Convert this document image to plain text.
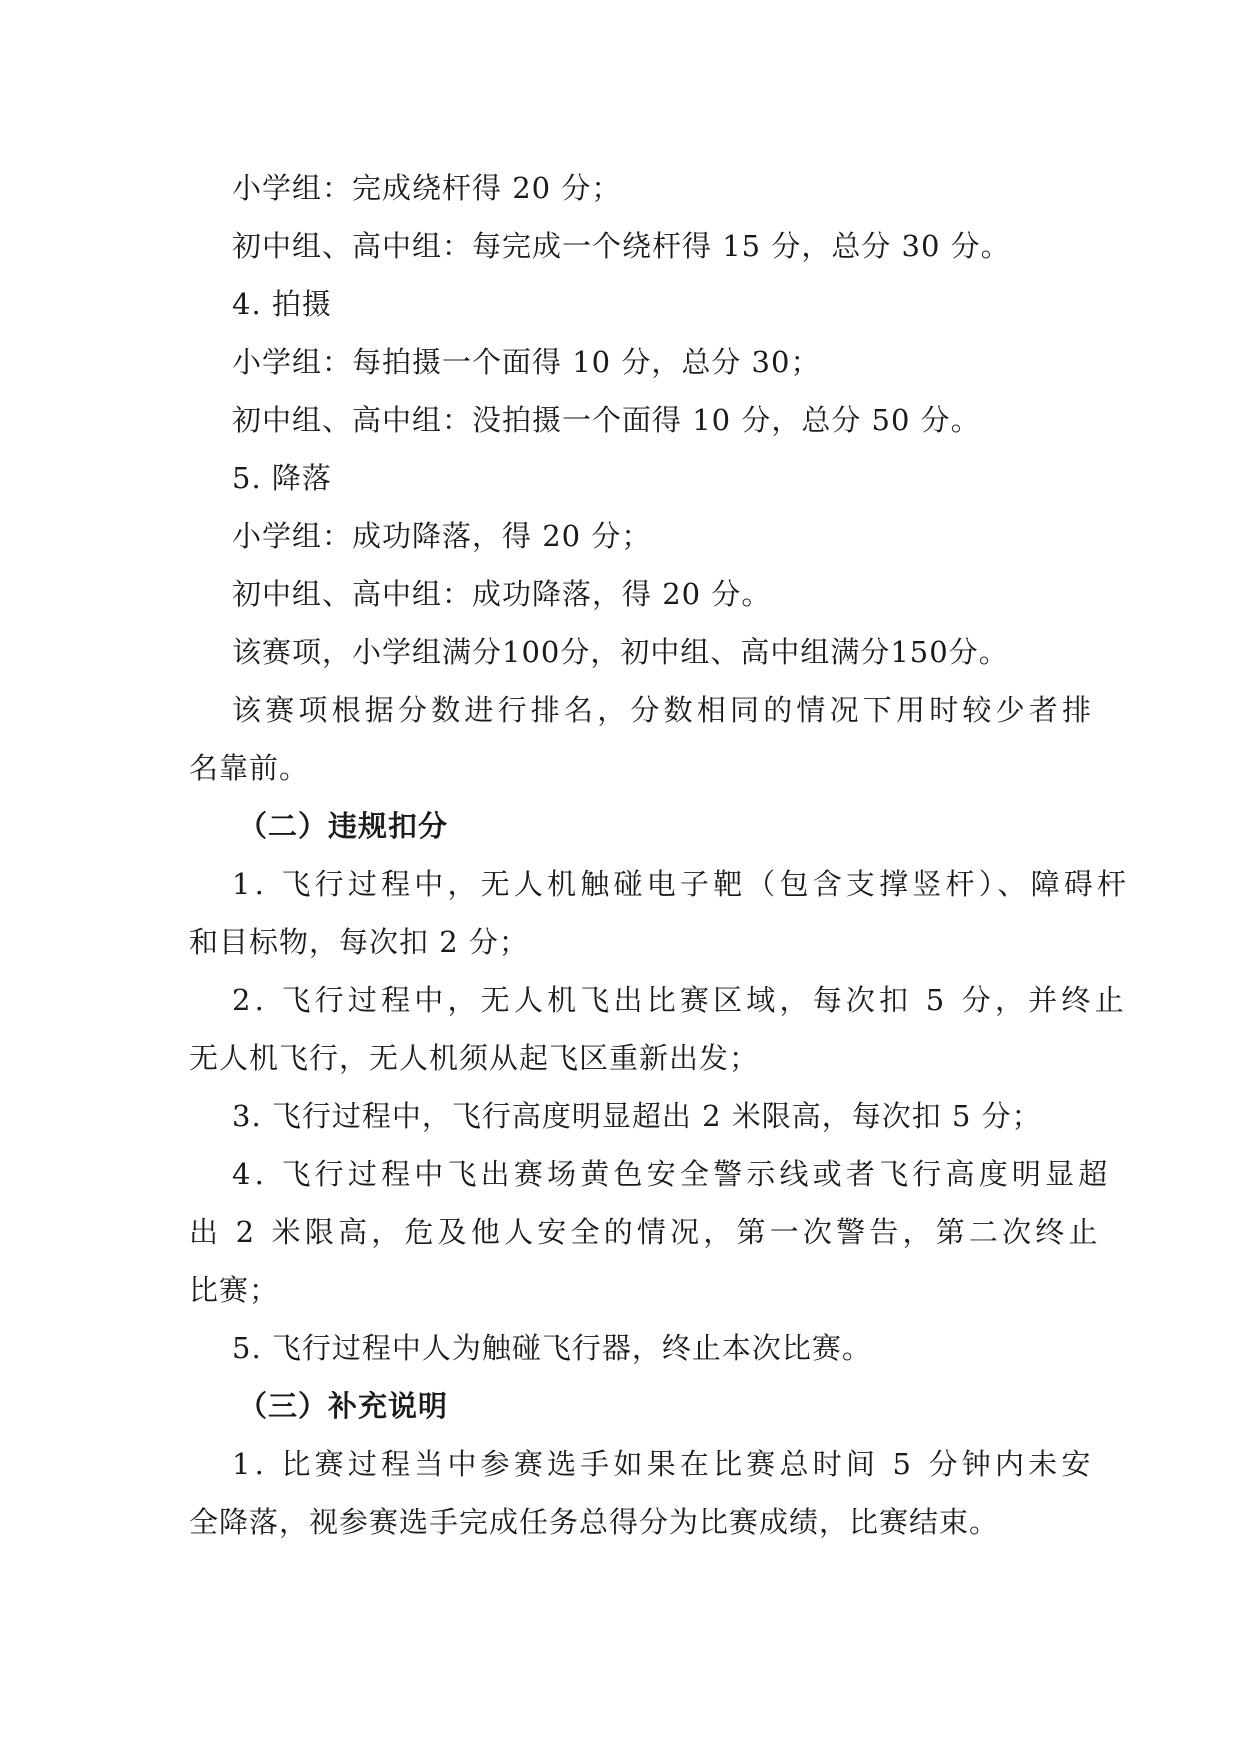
小学组：完成绕杆得 20 分；
初中组、高中组：每完成一个绕杆得 15 分，总分 30 分。
4. 拍摄
小学组：每拍摄一个面得 10 分，总分 30；
初中组、高中组：没拍摄一个面得 10 分，总分 50 分。
5. 降落
小学组：成功降落，得 20 分；
初中组、高中组：成功降落，得 20 分。
该赛项，小学组满分100分，初中组、高中组满分150分。
该赛项根据分数进行排名，分数相同的情况下用时较少者排
名靠前。
（二）违规扣分
1. 飞行过程中，无人机触碰电子靶（包含支撑竖杆）、障碍杆
和目标物，每次扣 2 分；
2. 飞行过程中，无人机飞出比赛区域，每次扣 5 分，并终止
无人机飞行，无人机须从起飞区重新出发；
3. 飞行过程中，飞行高度明显超出 2 米限高，每次扣 5 分；
4. 飞行过程中飞出赛场黄色安全警示线或者飞行高度明显超
出 2 米限高，危及他人安全的情况，第一次警告，第二次终止
比赛；
5. 飞行过程中人为触碰飞行器，终止本次比赛。
（三）补充说明
1. 比赛过程当中参赛选手如果在比赛总时间 5 分钟内未安
全降落，视参赛选手完成任务总得分为比赛成绩，比赛结束。
